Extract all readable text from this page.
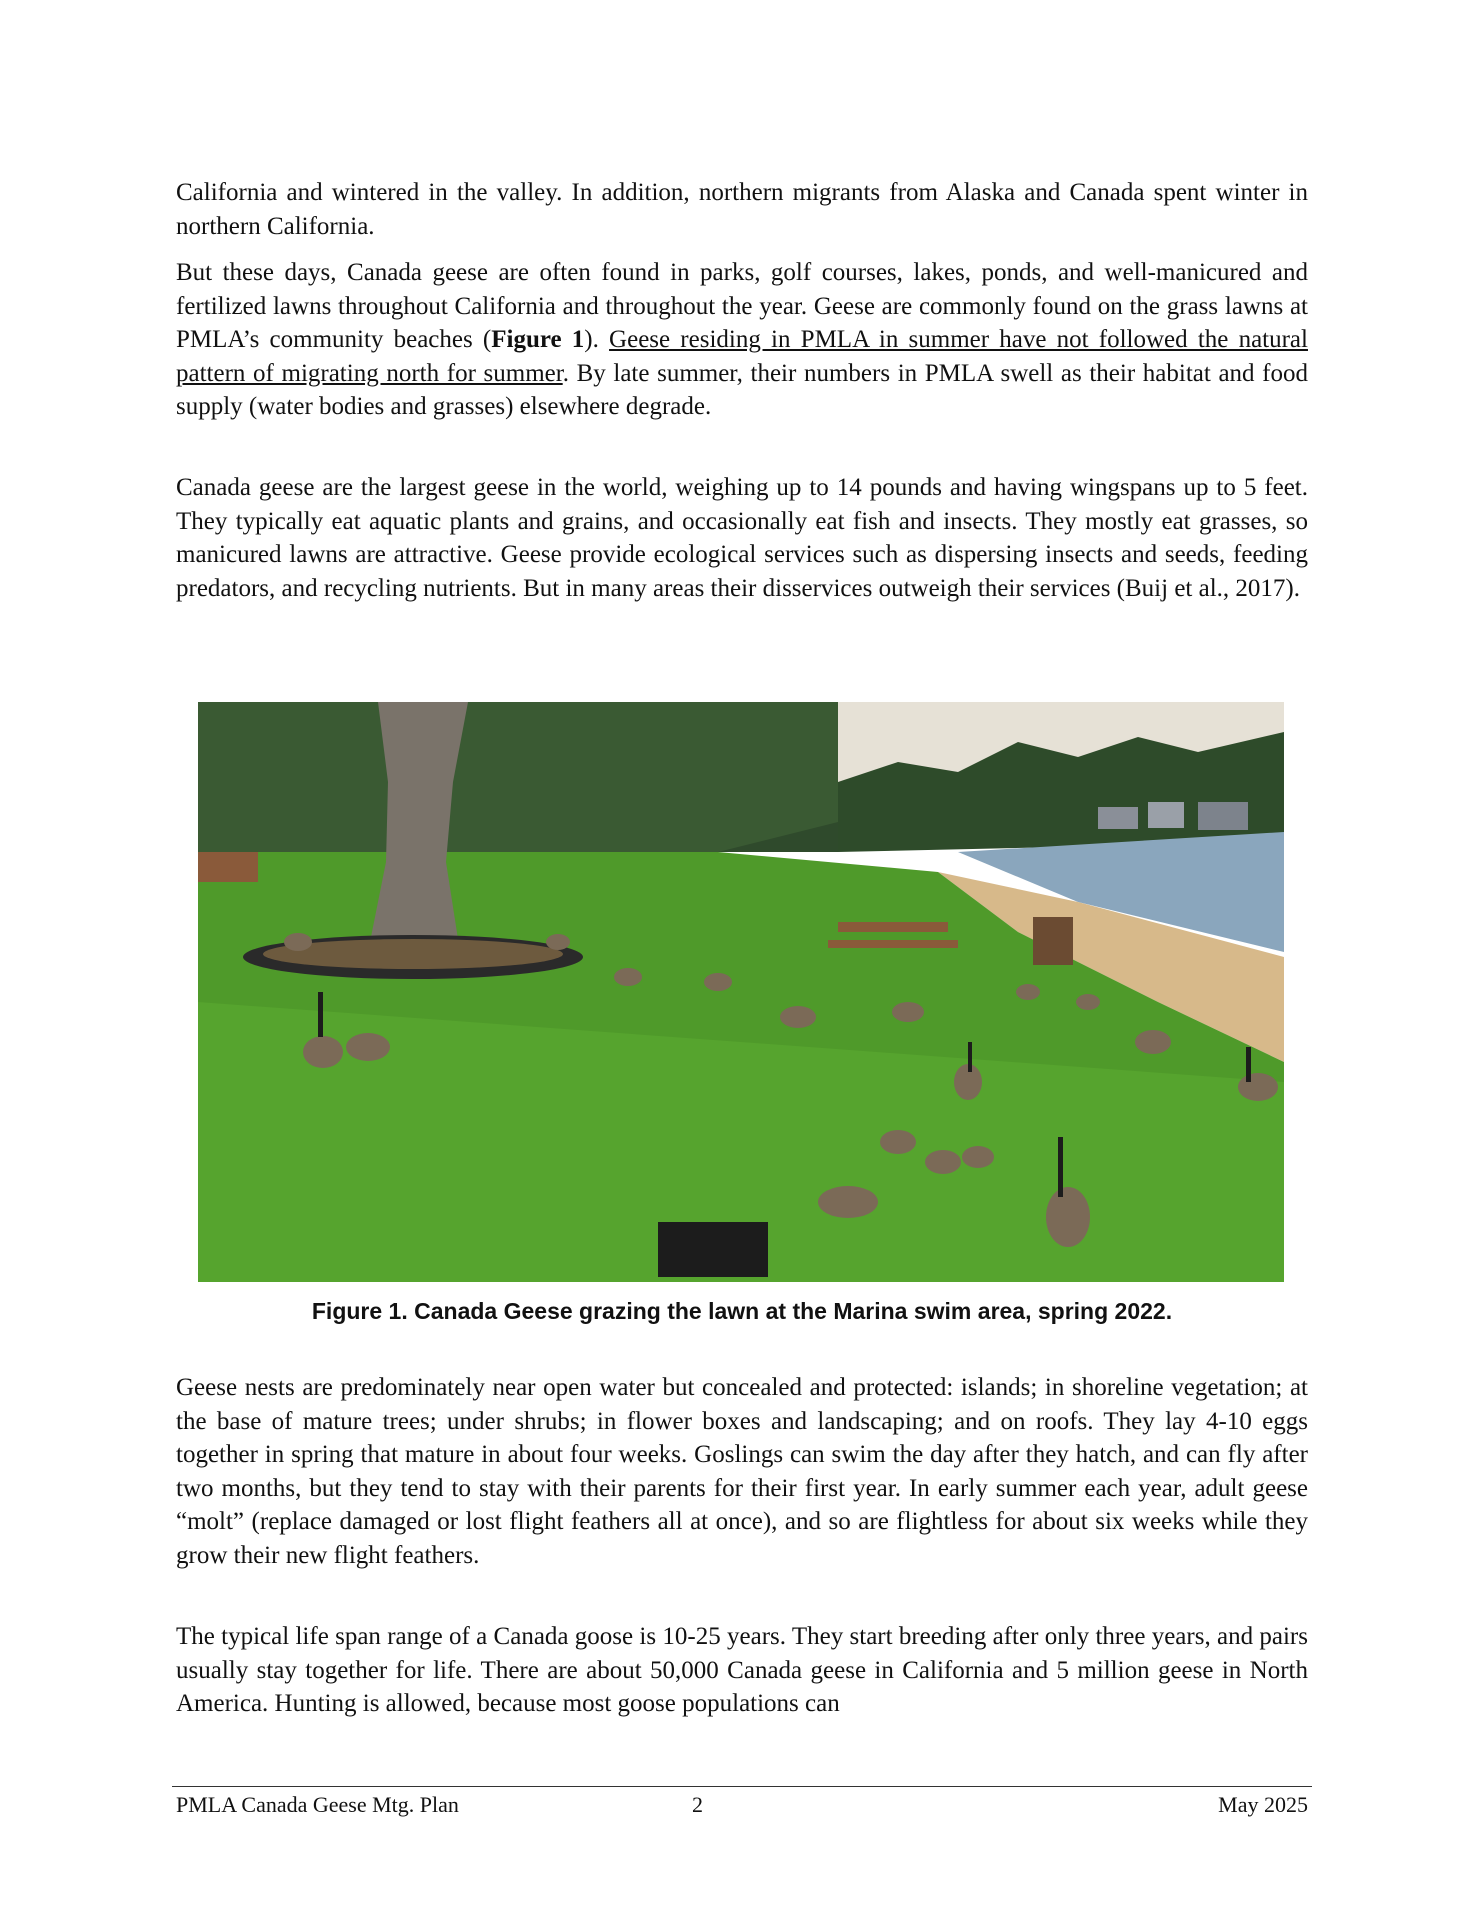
California and wintered in the valley. In addition, northern migrants from Alaska and Canada spent winter in northern California.

But these days, Canada geese are often found in parks, golf courses, lakes, ponds, and well-manicured and fertilized lawns throughout California and throughout the year. Geese are commonly found on the grass lawns at PMLA’s community beaches (Figure 1). Geese residing in PMLA in summer have not followed the natural pattern of migrating north for summer. By late summer, their numbers in PMLA swell as their habitat and food supply (water bodies and grasses) elsewhere degrade.

Canada geese are the largest geese in the world, weighing up to 14 pounds and having wingspans up to 5 feet. They typically eat aquatic plants and grains, and occasionally eat fish and insects. They mostly eat grasses, so manicured lawns are attractive. Geese provide ecological services such as dispersing insects and seeds, feeding predators, and recycling nutrients. But in many areas their disservices outweigh their services (Buij et al., 2017).

Figure 1. Canada Geese grazing the lawn at the Marina swim area, spring 2022.

Geese nests are predominately near open water but concealed and protected: islands; in shoreline vegetation; at the base of mature trees; under shrubs; in flower boxes and landscaping; and on roofs. They lay 4-10 eggs together in spring that mature in about four weeks. Goslings can swim the day after they hatch, and can fly after two months, but they tend to stay with their parents for their first year. In early summer each year, adult geese “molt” (replace damaged or lost flight feathers all at once), and so are flightless for about six weeks while they grow their new flight feathers.

The typical life span range of a Canada goose is 10-25 years. They start breeding after only three years, and pairs usually stay together for life. There are about 50,000 Canada geese in California and 5 million geese in North America. Hunting is allowed, because most goose populations can

PMLA Canada Geese Mtg. Plan	2	May 2025
